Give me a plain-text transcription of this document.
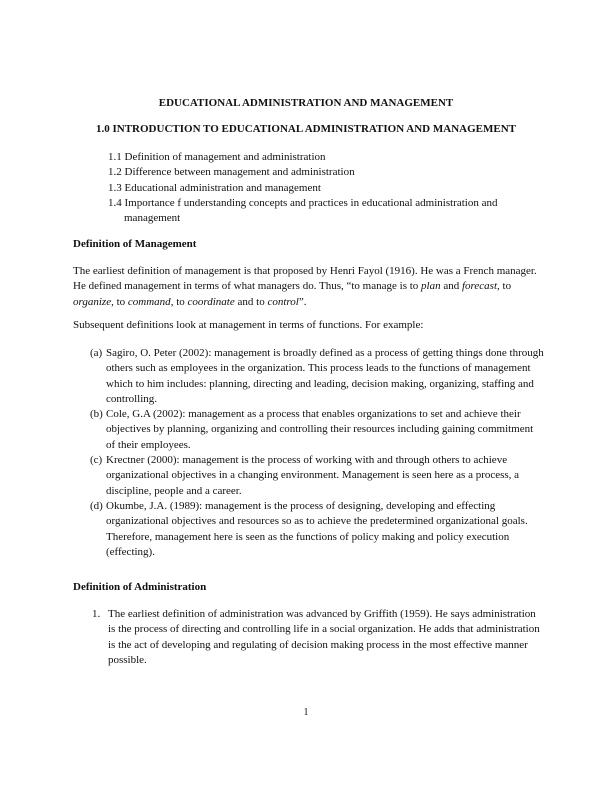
EDUCATIONAL ADMINISTRATION AND MANAGEMENT
1.0 INTRODUCTION TO EDUCATIONAL ADMINISTRATION AND MANAGEMENT
1.1 Definition of management and administration
1.2 Difference between management and administration
1.3 Educational administration and management
1.4 Importance f understanding concepts and practices in educational administration and management
Definition of Management
The earliest definition of management is that proposed by Henri Fayol (1916). He was a French manager. He defined management in terms of what managers do. Thus, “to manage is to plan and forecast, to organize, to command, to coordinate and to control”.
Subsequent definitions look at management in terms of functions. For example:
(a) Sagiro, O. Peter (2002): management is broadly defined as a process of getting things done through others such as employees in the organization. This process leads to the functions of management which to him includes: planning, directing and leading, decision making, organizing, staffing and controlling.
(b) Cole, G.A (2002): management as a process that enables organizations to set and achieve their objectives by planning, organizing and controlling their resources including gaining commitment of their employees.
(c) Krectner (2000): management is the process of working with and through others to achieve organizational objectives in a changing environment. Management is seen here as a process, a discipline, people and a career.
(d) Okumbe, J.A. (1989): management is the process of designing, developing and effecting organizational objectives and resources so as to achieve the predetermined organizational goals. Therefore, management here is seen as the functions of policy making and policy execution (effecting).
Definition of Administration
1. The earliest definition of administration was advanced by Griffith (1959). He says administration is the process of directing and controlling life in a social organization. He adds that administration is the act of developing and regulating of decision making process in the most effective manner possible.
1
